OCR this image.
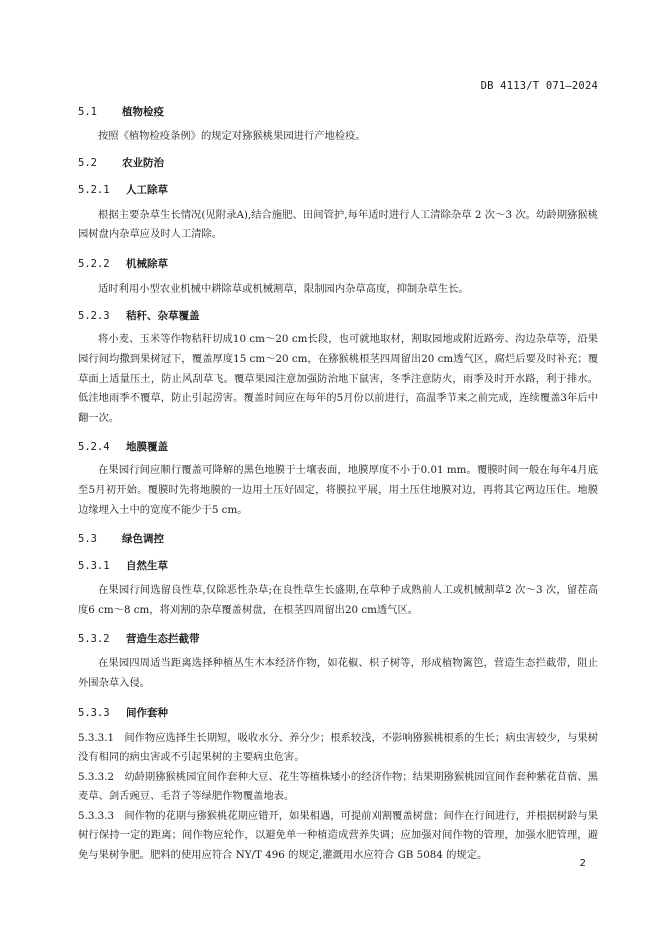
DB 4113/T 071—2024
5.1	植物检疫

按照《植物检疫条例》的规定对猕猴桃果园进行产地检疫。

5.2	农业防治
5.2.1	人工除草

根据主要杂草生长情况(见附录A),结合施肥、田间管护,每年适时进行人工清除杂草 2 次～3 次。幼龄期猕猴桃园树盘内杂草应及时人工清除。

5.2.2	机械除草

适时利用小型农业机械中耕除草或机械割草，限制园内杂草高度，抑制杂草生长。

5.2.3	秸秆、杂草覆盖

将小麦、玉米等作物秸秆切成10 cm～20 cm长段，也可就地取材，割取园地或附近路旁、沟边杂草等，沿果园行间均撒到果树冠下，覆盖厚度15 cm～20 cm，在猕猴桃根茎四周留出20 cm透气区，腐烂后要及时补充；覆草面上适量压土，防止风刮草飞。覆草果园注意加强防治地下鼠害，冬季注意防火，雨季及时开水路，利于排水。低洼地雨季不覆草，防止引起涝害。覆盖时间应在每年的5月份以前进行，高温季节来之前完成，连续覆盖3年后中翻一次。

5.2.4	地膜覆盖

在果园行间应顺行覆盖可降解的黑色地膜于土壤表面，地膜厚度不小于0.01 mm。覆膜时间一般在每年4月底至5月初开始。覆膜时先将地膜的一边用土压好固定，将膜拉平展，用土压住地膜对边，再将其它两边压住。地膜边缘埋入土中的宽度不能少于5 cm。

5.3	绿色调控
5.3.1	自然生草

在果园行间选留良性草,仅除恶性杂草;在良性草生长盛期,在草种子成熟前人工或机械割草2 次～3 次，留茬高度6 cm～8 cm，将刈割的杂草覆盖树盘，在根茎四周留出20 cm透气区。

5.3.2	营造生态拦截带

在果园四周适当距离选择种植丛生木本经济作物，如花椒、枳子树等，形成植物篱笆，营造生态拦截带，阻止外围杂草入侵。

5.3.3	间作套种

5.3.3.1　间作物应选择生长期短，吸收水分、养分少；根系较浅，不影响猕猴桃根系的生长；病虫害较少，与果树没有相同的病虫害或不引起果树的主要病虫危害。

5.3.3.2　幼龄期猕猴桃园宜间作套种大豆、花生等植株矮小的经济作物；结果期猕猴桃园宜间作套种紫花苜蓿、黑麦草、剑舌豌豆、毛苕子等绿肥作物覆盖地表。

5.3.3.3　间作物的花期与猕猴桃花期应错开，如果相遇，可提前刈割覆盖树盘；间作在行间进行，并根据树龄与果树行保持一定的距离；间作物应轮作，以避免单一种植造成营养失调；应加强对间作物的管理，加强水肥管理，避免与果树争肥。肥料的使用应符合 NY/T 496 的规定,灌溉用水应符合 GB 5084 的规定。

2
